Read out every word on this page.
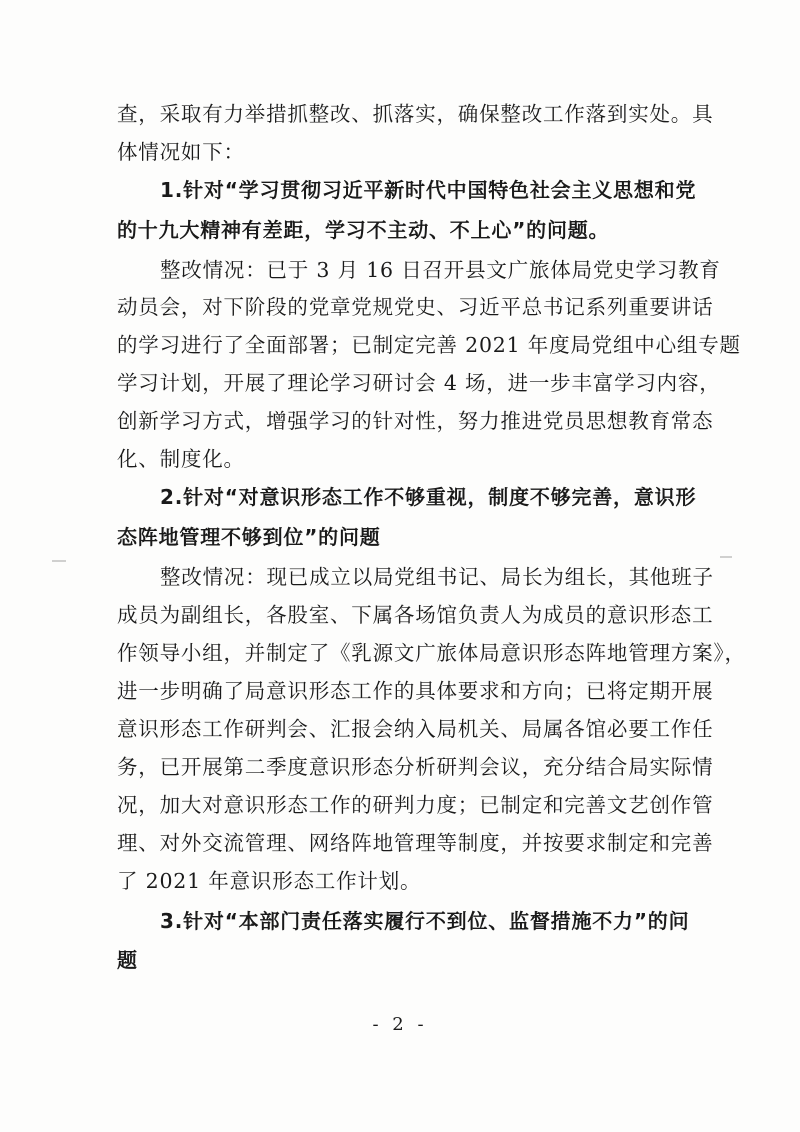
查，采取有力举措抓整改、抓落实，确保整改工作落到实处。具
体情况如下：
1.针对“学习贯彻习近平新时代中国特色社会主义思想和党
的十九大精神有差距，学习不主动、不上心”的问题。
整改情况：已于 3 月 16 日召开县文广旅体局党史学习教育
动员会，对下阶段的党章党规党史、习近平总书记系列重要讲话
的学习进行了全面部署；已制定完善 2021 年度局党组中心组专题
学习计划，开展了理论学习研讨会 4 场，进一步丰富学习内容，
创新学习方式，增强学习的针对性，努力推进党员思想教育常态
化、制度化。
2.针对“对意识形态工作不够重视，制度不够完善，意识形
态阵地管理不够到位”的问题
整改情况：现已成立以局党组书记、局长为组长，其他班子
成员为副组长，各股室、下属各场馆负责人为成员的意识形态工
作领导小组，并制定了《乳源文广旅体局意识形态阵地管理方案》，
进一步明确了局意识形态工作的具体要求和方向；已将定期开展
意识形态工作研判会、汇报会纳入局机关、局属各馆必要工作任
务，已开展第二季度意识形态分析研判会议，充分结合局实际情
况，加大对意识形态工作的研判力度；已制定和完善文艺创作管
理、对外交流管理、网络阵地管理等制度，并按要求制定和完善
了 2021 年意识形态工作计划。
3.针对“本部门责任落实履行不到位、监督措施不力”的问
题
- 2 -
